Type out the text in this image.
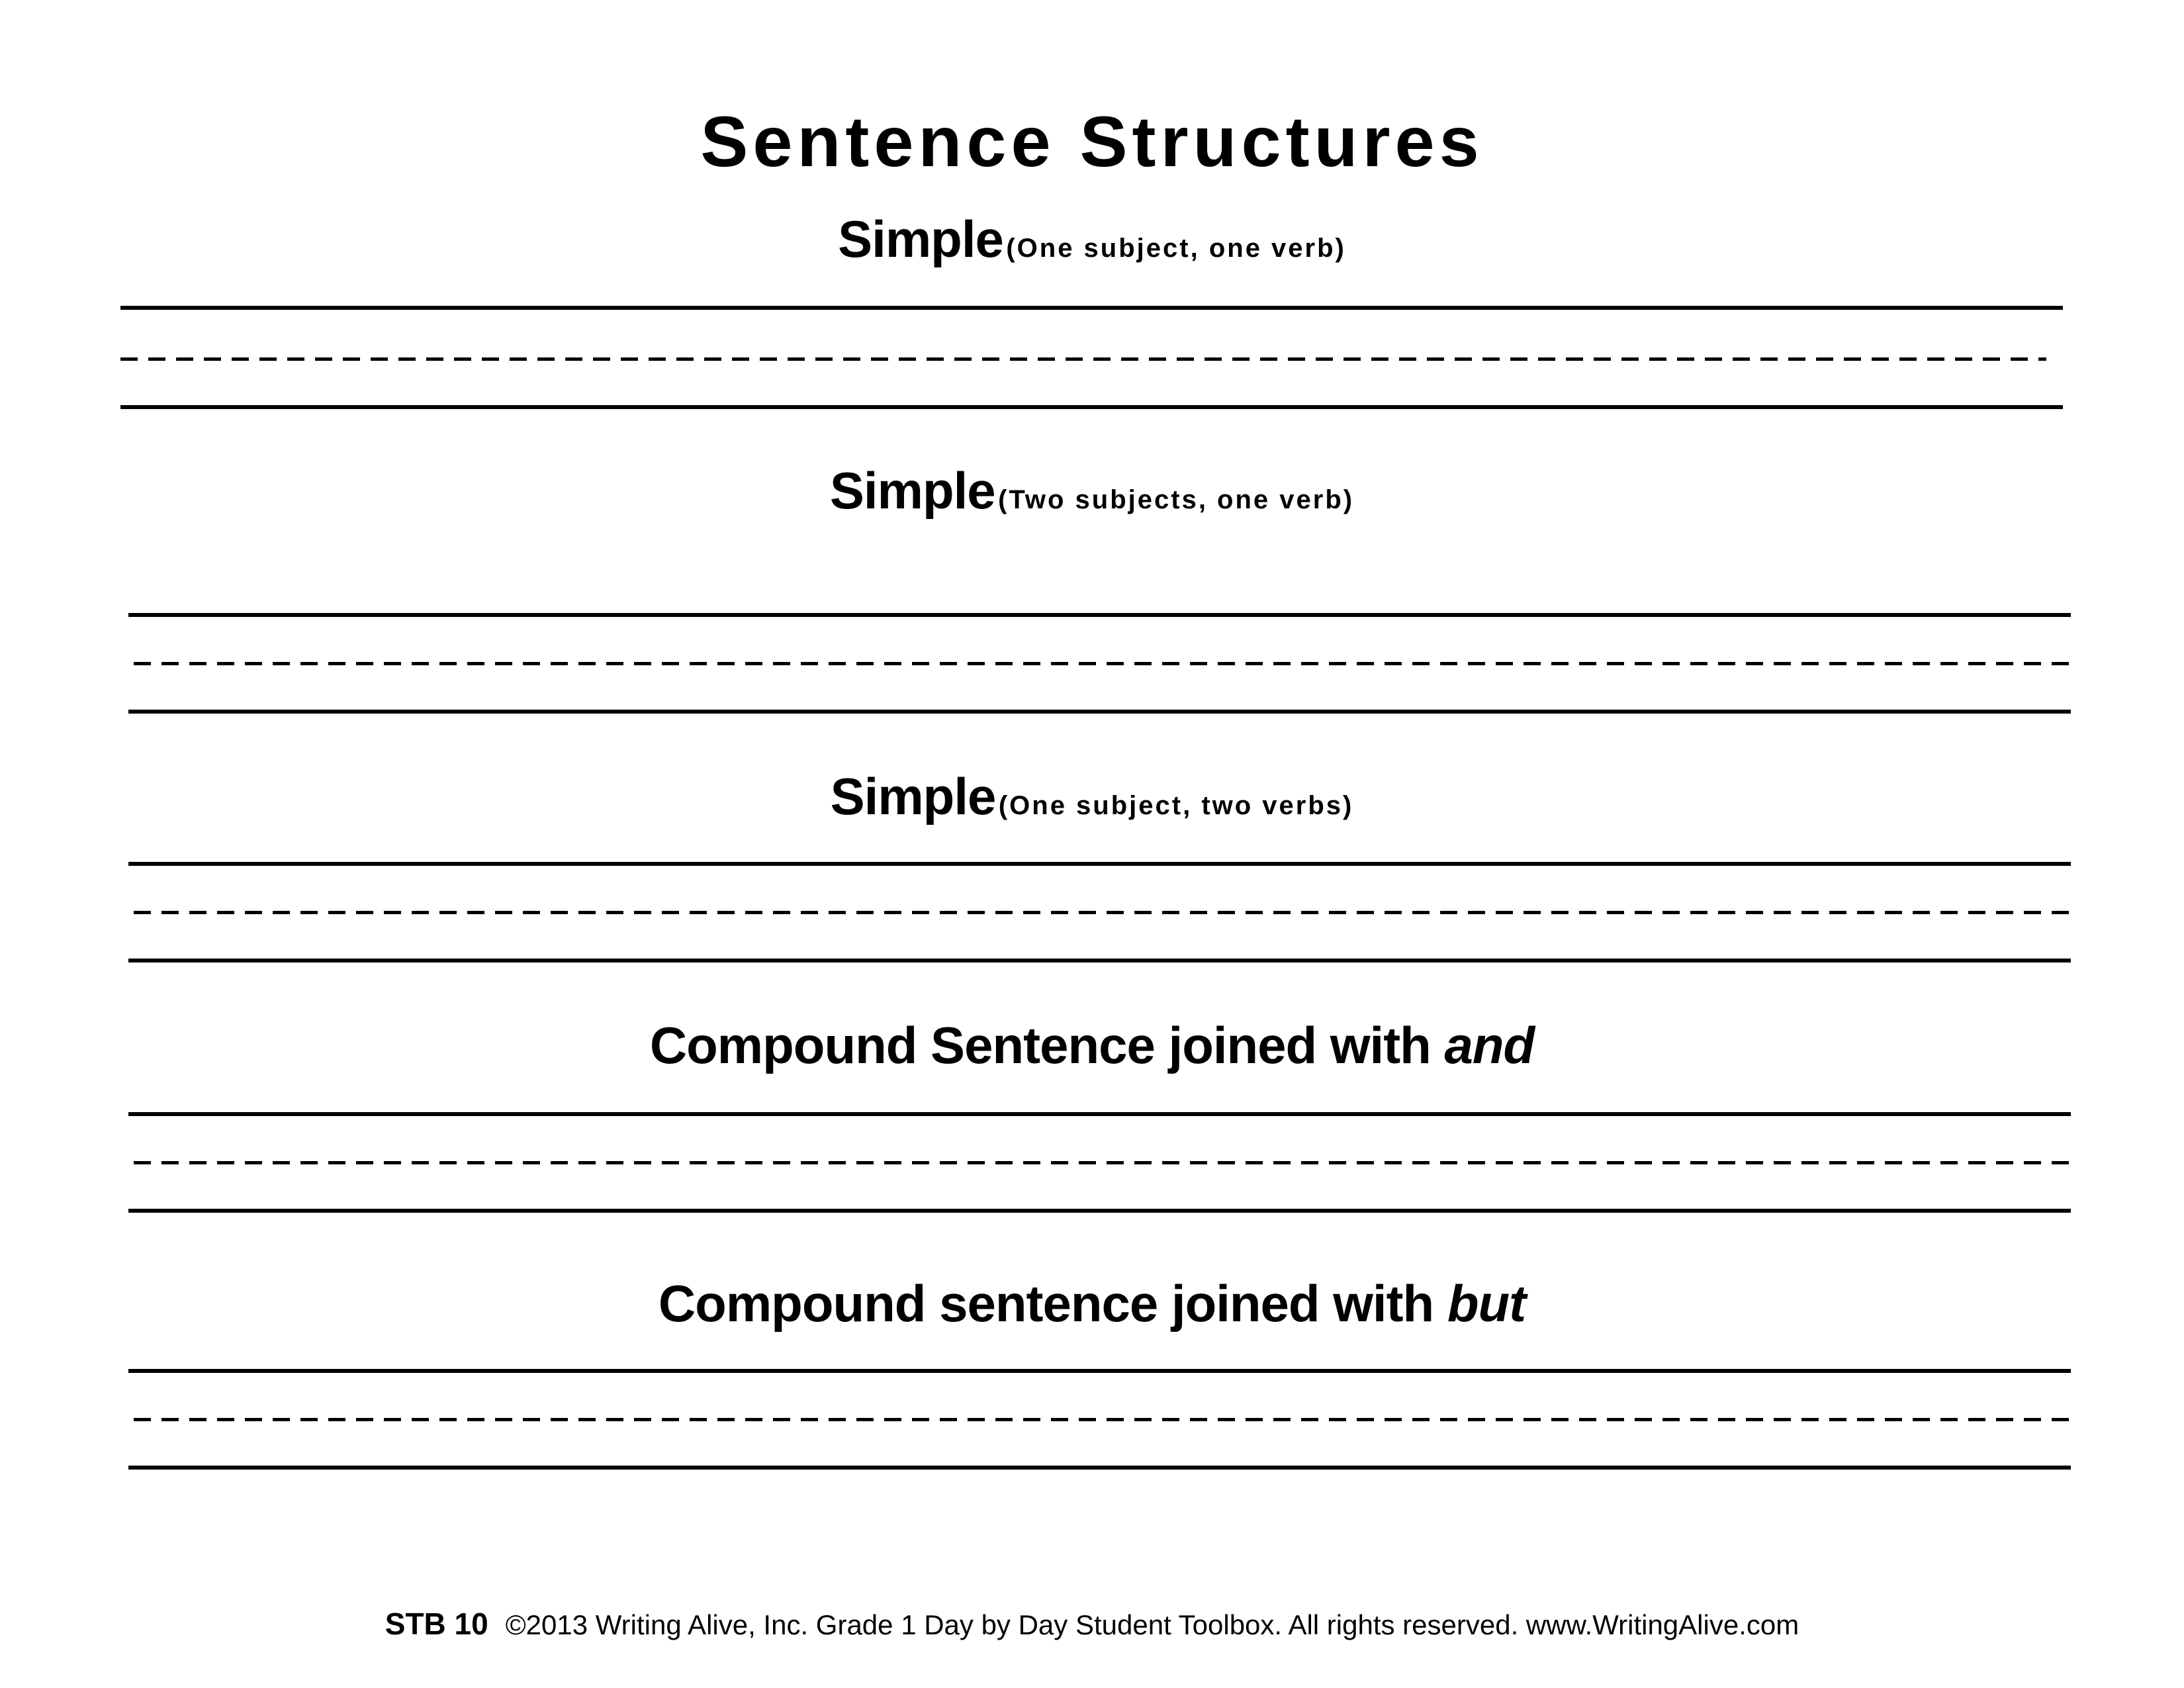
Sentence Structures
Simple (One subject, one verb)
Simple (Two subjects, one verb)
Simple (One subject, two verbs)
Compound Sentence joined with and
Compound sentence joined with but
STB 10 ©2013 Writing Alive, Inc. Grade 1 Day by Day Student Toolbox. All rights reserved. www.WritingAlive.com
